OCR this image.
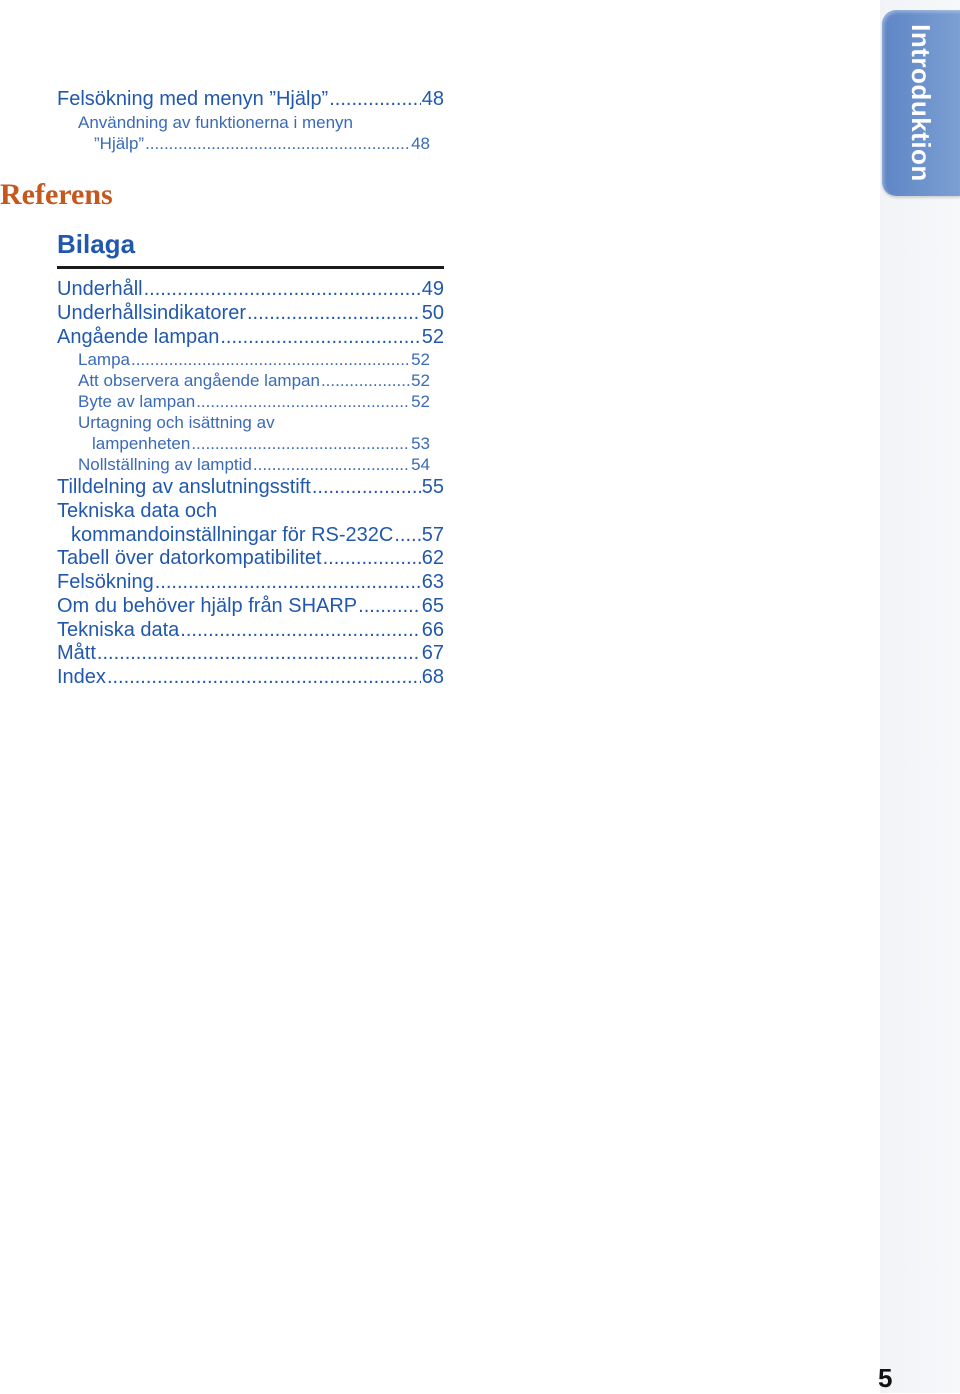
Introduktion
Felsökning med menyn ”Hjälp” .....	48
Användning av funktionerna i menyn
”Hjälp” .....	48
Referens
Bilaga
Underhåll .....	49
Underhållsindikatorer .....	50
Angående lampan .....	52
Lampa .....	52
Att observera angående lampan .....	52
Byte av lampan .....	52
Urtagning och isättning av
lampenheten .....	53
Nollställning av lamptid .....	54
Tilldelning av anslutningsstift .....	55
Tekniska data och
kommandoinställningar för RS-232C ..... 57
Tabell över datorkompatibilitet .....	62
Felsökning .....	63
Om du behöver hjälp från SHARP .....	65
Tekniska data .....	66
Mått .....	67
Index .....	68
5
